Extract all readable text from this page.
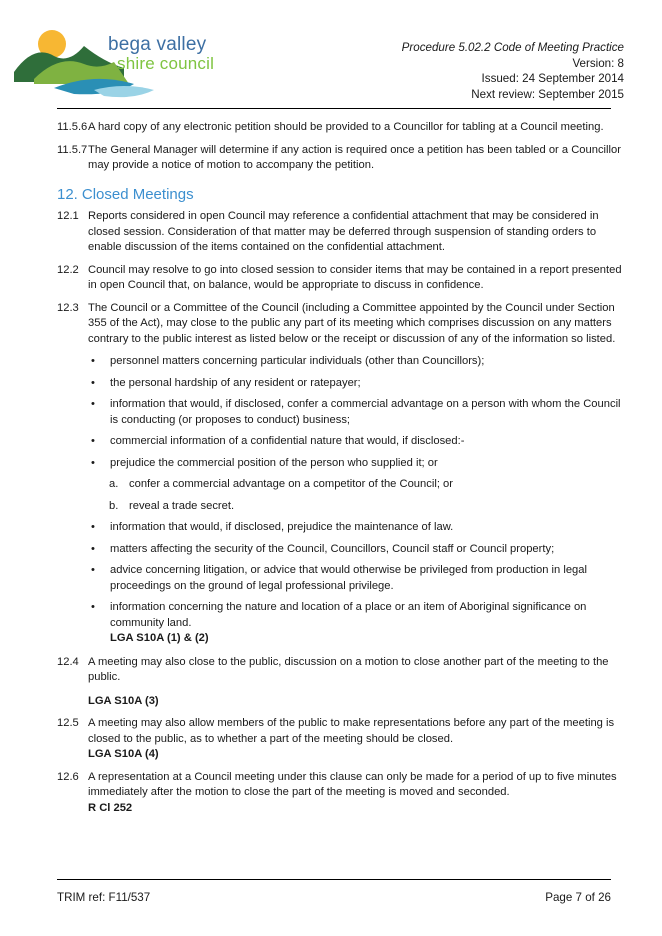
bega valley
shire council
Procedure 5.02.2 Code of Meeting Practice
Version: 8
Issued: 24 September 2014
Next review: September 2015
11.5.6 A hard copy of any electronic petition should be provided to a Councillor for tabling at a Council meeting.
11.5.7 The General Manager will determine if any action is required once a petition has been tabled or a Councillor may provide a notice of motion to accompany the petition.
12. Closed Meetings
12.1 Reports considered in open Council may reference a confidential attachment that may be considered in closed session. Consideration of that matter may be deferred through suspension of standing orders to enable discussion of the items contained on the confidential attachment.
12.2 Council may resolve to go into closed session to consider items that may be contained in a report presented in open Council that, on balance, would be appropriate to discuss in confidence.
12.3 The Council or a Committee of the Council (including a Committee appointed by the Council under Section 355 of the Act), may close to the public any part of its meeting which comprises discussion on any matters contrary to the public interest as listed below or the receipt or discussion of any of the information so listed.
• personnel matters concerning particular individuals (other than Councillors);
• the personal hardship of any resident or ratepayer;
• information that would, if disclosed, confer a commercial advantage on a person with whom the Council is conducting (or proposes to conduct) business;
• commercial information of a confidential nature that would, if disclosed:-
• prejudice the commercial position of the person who supplied it; or
a. confer a commercial advantage on a competitor of the Council; or
b. reveal a trade secret.
• information that would, if disclosed, prejudice the maintenance of law.
• matters affecting the security of the Council, Councillors, Council staff or Council property;
• advice concerning litigation, or advice that would otherwise be privileged from production in legal proceedings on the ground of legal professional privilege.
• information concerning the nature and location of a place or an item of Aboriginal significance on community land.
LGA S10A (1) & (2)
12.4 A meeting may also close to the public, discussion on a motion to close another part of the meeting to the public.
LGA S10A (3)
12.5 A meeting may also allow members of the public to make representations before any part of the meeting is closed to the public, as to whether a part of the meeting should be closed.
LGA S10A (4)
12.6 A representation at a Council meeting under this clause can only be made for a period of up to five minutes immediately after the motion to close the part of the meeting is moved and seconded.
R Cl 252
TRIM ref: F11/537	Page 7 of 26
